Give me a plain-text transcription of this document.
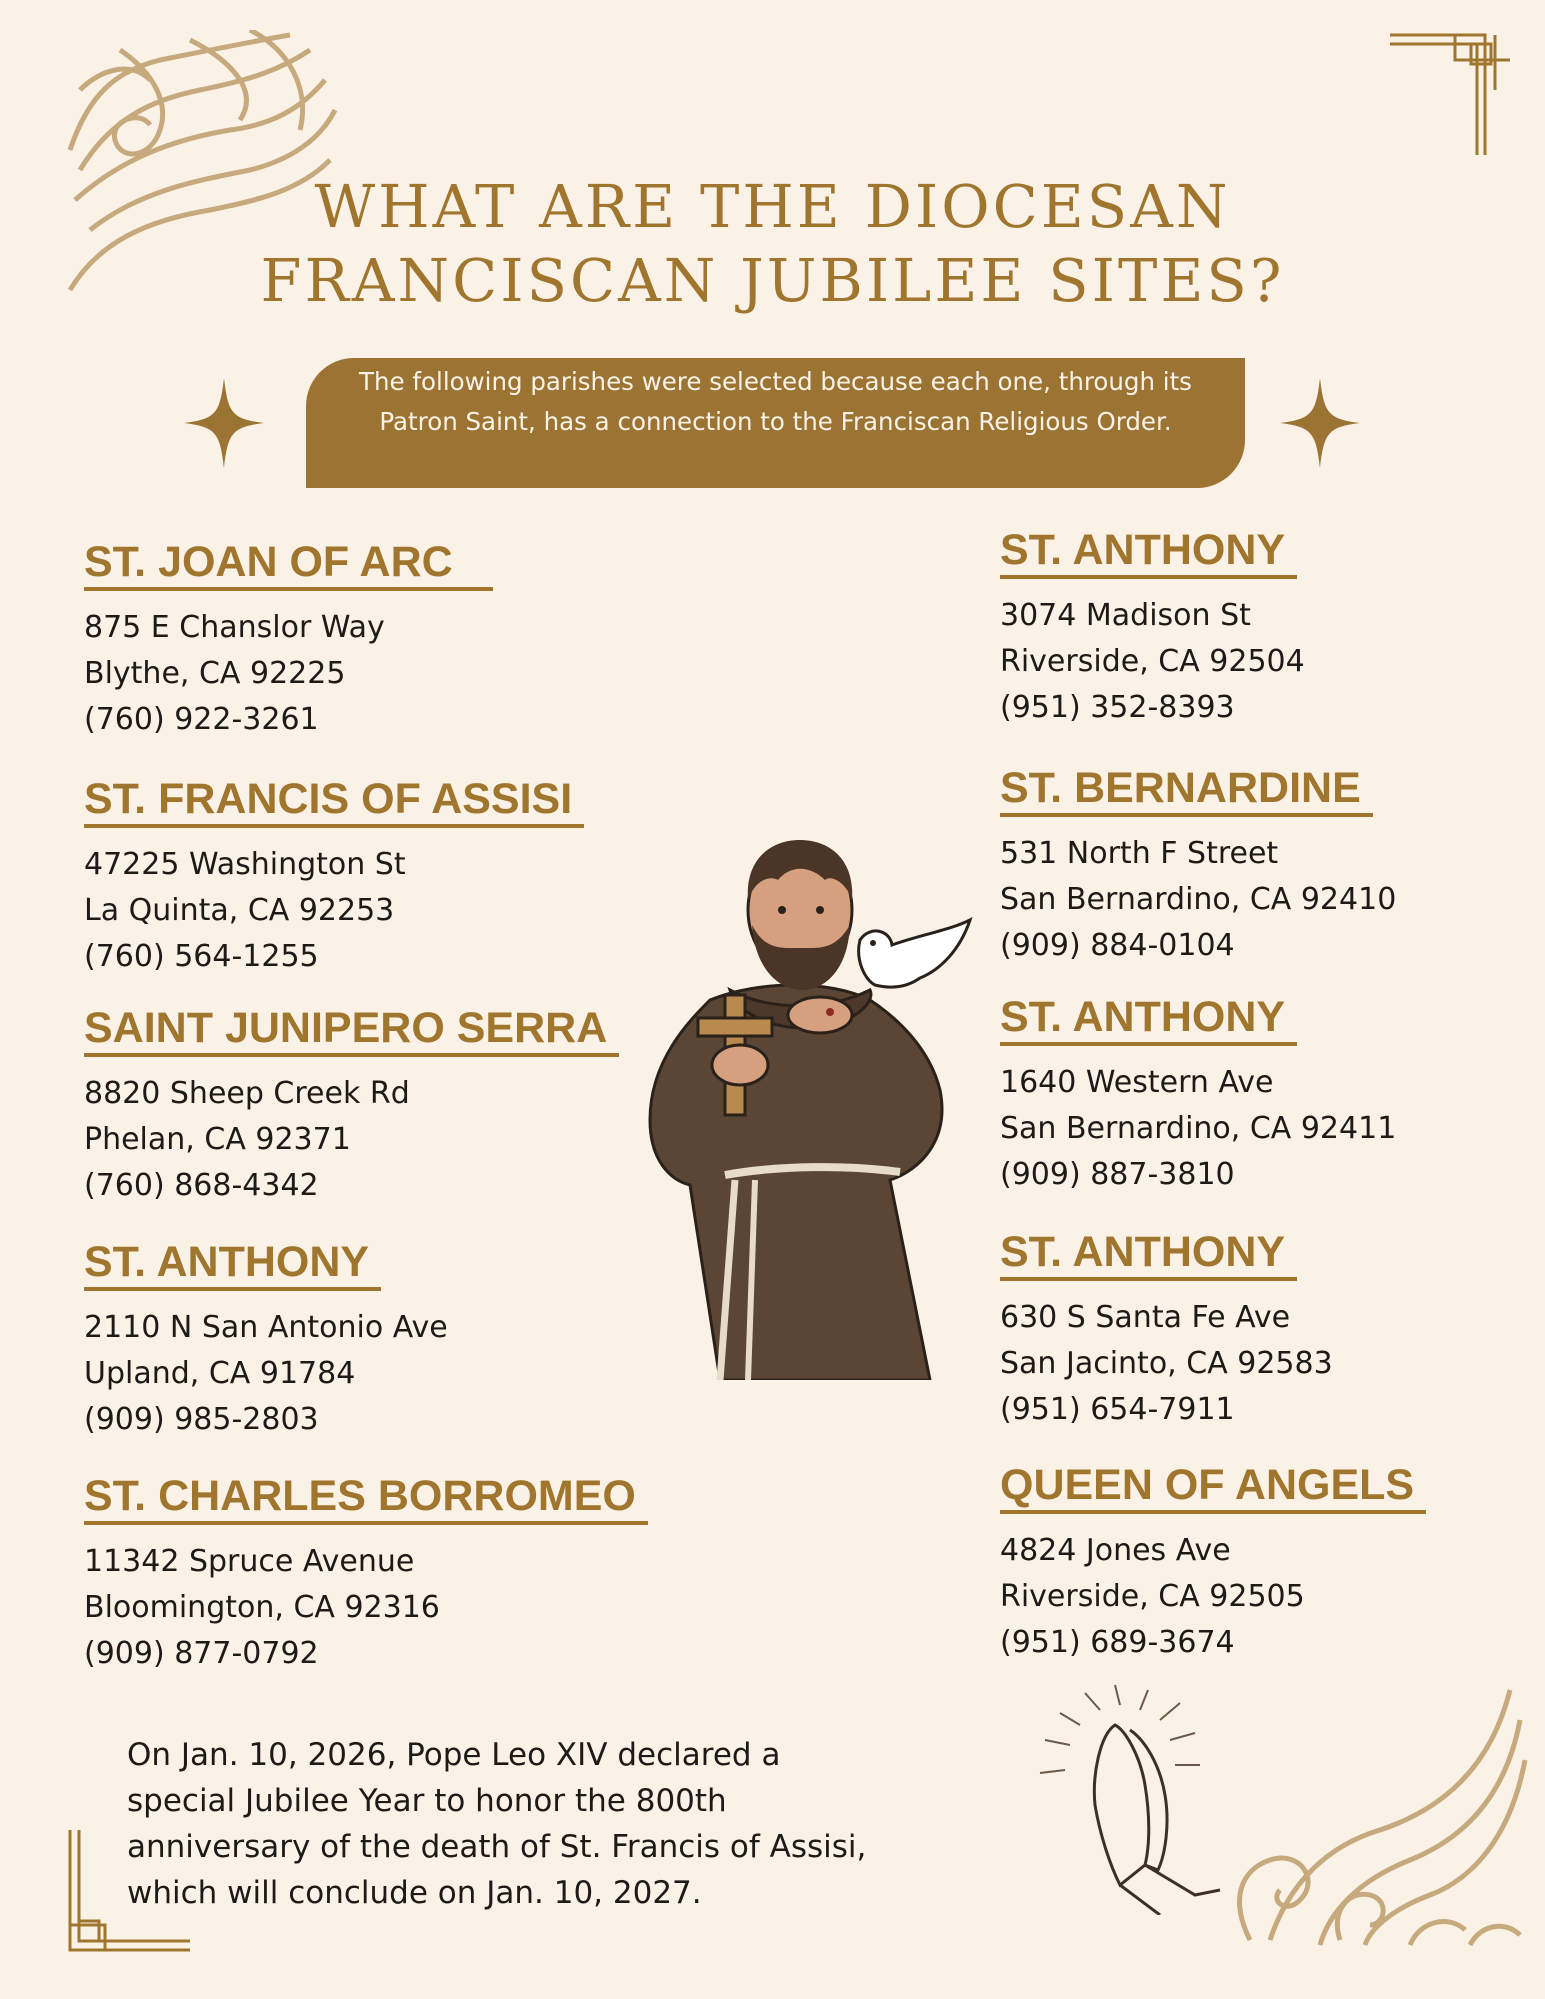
WHAT ARE THE DIOCESAN
FRANCISCAN JUBILEE SITES?
The following parishes were selected because each one, through its Patron Saint, has a connection to the Franciscan Religious Order.
ST. JOAN OF ARC
875 E Chanslor Way
Blythe, CA 92225
(760) 922-3261
ST. FRANCIS OF ASSISI
47225 Washington St
La Quinta, CA 92253
(760) 564-1255
SAINT JUNIPERO SERRA
8820 Sheep Creek Rd
Phelan, CA 92371
(760) 868-4342
ST. ANTHONY
2110 N San Antonio Ave
Upland, CA 91784
(909) 985-2803
ST. CHARLES BORROMEO
11342 Spruce Avenue
Bloomington, CA 92316
(909) 877-0792
ST. ANTHONY
3074 Madison St
Riverside, CA 92504
(951) 352-8393
ST. BERNARDINE
531 North F Street
San Bernardino, CA 92410
(909) 884-0104
ST. ANTHONY
1640 Western Ave
San Bernardino, CA 92411
(909) 887-3810
ST. ANTHONY
630 S Santa Fe Ave
San Jacinto, CA 92583
(951) 654-7911
QUEEN OF ANGELS
4824 Jones Ave
Riverside, CA 92505
(951) 689-3674
On Jan. 10, 2026, Pope Leo XIV declared a special Jubilee Year to honor the 800th anniversary of the death of St. Francis of Assisi, which will conclude on Jan. 10, 2027.
